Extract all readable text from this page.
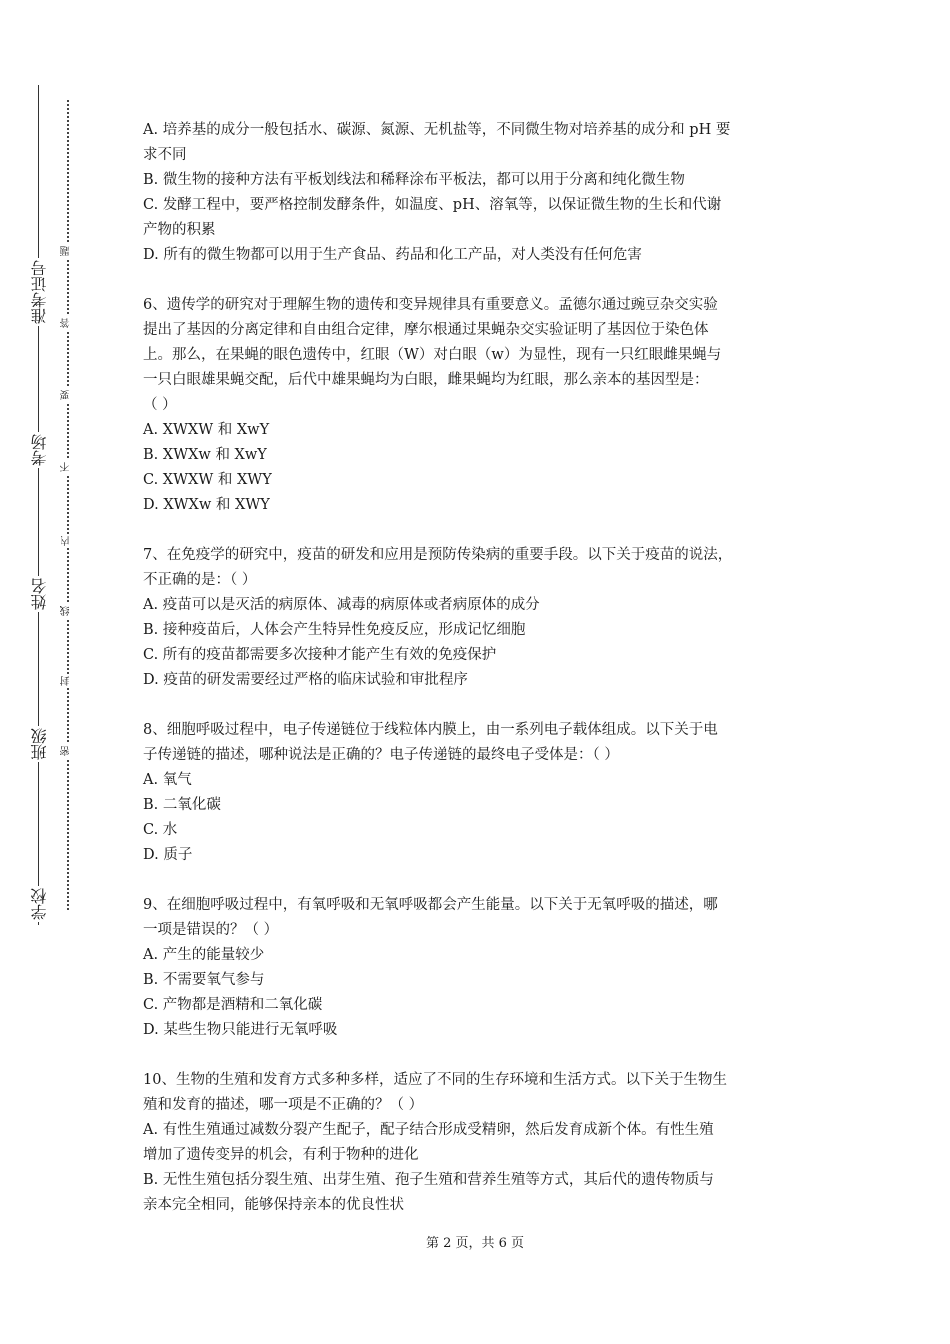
学校
班级
姓名
考场
准考证号
密
封
线
内
不
要
答
题
A. 培养基的成分一般包括水、碳源、氮源、无机盐等，不同微生物对培养基的成分和 pH 要
求不同
B. 微生物的接种方法有平板划线法和稀释涂布平板法，都可以用于分离和纯化微生物
C. 发酵工程中，要严格控制发酵条件，如温度、pH、溶氧等，以保证微生物的生长和代谢
产物的积累
D. 所有的微生物都可以用于生产食品、药品和化工产品，对人类没有任何危害
6、遗传学的研究对于理解生物的遗传和变异规律具有重要意义。孟德尔通过豌豆杂交实验
提出了基因的分离定律和自由组合定律，摩尔根通过果蝇杂交实验证明了基因位于染色体
上。那么，在果蝇的眼色遗传中，红眼（W）对白眼（w）为显性，现有一只红眼雌果蝇与
一只白眼雄果蝇交配，后代中雄果蝇均为白眼，雌果蝇均为红眼，那么亲本的基因型是：
（ ）
A. XWXW 和 XwY
B. XWXw 和 XwY
C. XWXW 和 XWY
D. XWXw 和 XWY
7、在免疫学的研究中，疫苗的研发和应用是预防传染病的重要手段。以下关于疫苗的说法，
不正确的是：（ ）
A. 疫苗可以是灭活的病原体、减毒的病原体或者病原体的成分
B. 接种疫苗后，人体会产生特异性免疫反应，形成记忆细胞
C. 所有的疫苗都需要多次接种才能产生有效的免疫保护
D. 疫苗的研发需要经过严格的临床试验和审批程序
8、细胞呼吸过程中，电子传递链位于线粒体内膜上，由一系列电子载体组成。以下关于电
子传递链的描述，哪种说法是正确的？电子传递链的最终电子受体是：（ ）
A. 氧气
B. 二氧化碳
C. 水
D. 质子
9、在细胞呼吸过程中，有氧呼吸和无氧呼吸都会产生能量。以下关于无氧呼吸的描述，哪
一项是错误的？（ ）
A. 产生的能量较少
B. 不需要氧气参与
C. 产物都是酒精和二氧化碳
D. 某些生物只能进行无氧呼吸
10、生物的生殖和发育方式多种多样，适应了不同的生存环境和生活方式。以下关于生物生
殖和发育的描述，哪一项是不正确的？（ ）
A. 有性生殖通过减数分裂产生配子，配子结合形成受精卵，然后发育成新个体。有性生殖
增加了遗传变异的机会，有利于物种的进化
B. 无性生殖包括分裂生殖、出芽生殖、孢子生殖和营养生殖等方式，其后代的遗传物质与
亲本完全相同，能够保持亲本的优良性状
第 2 页，共 6 页
